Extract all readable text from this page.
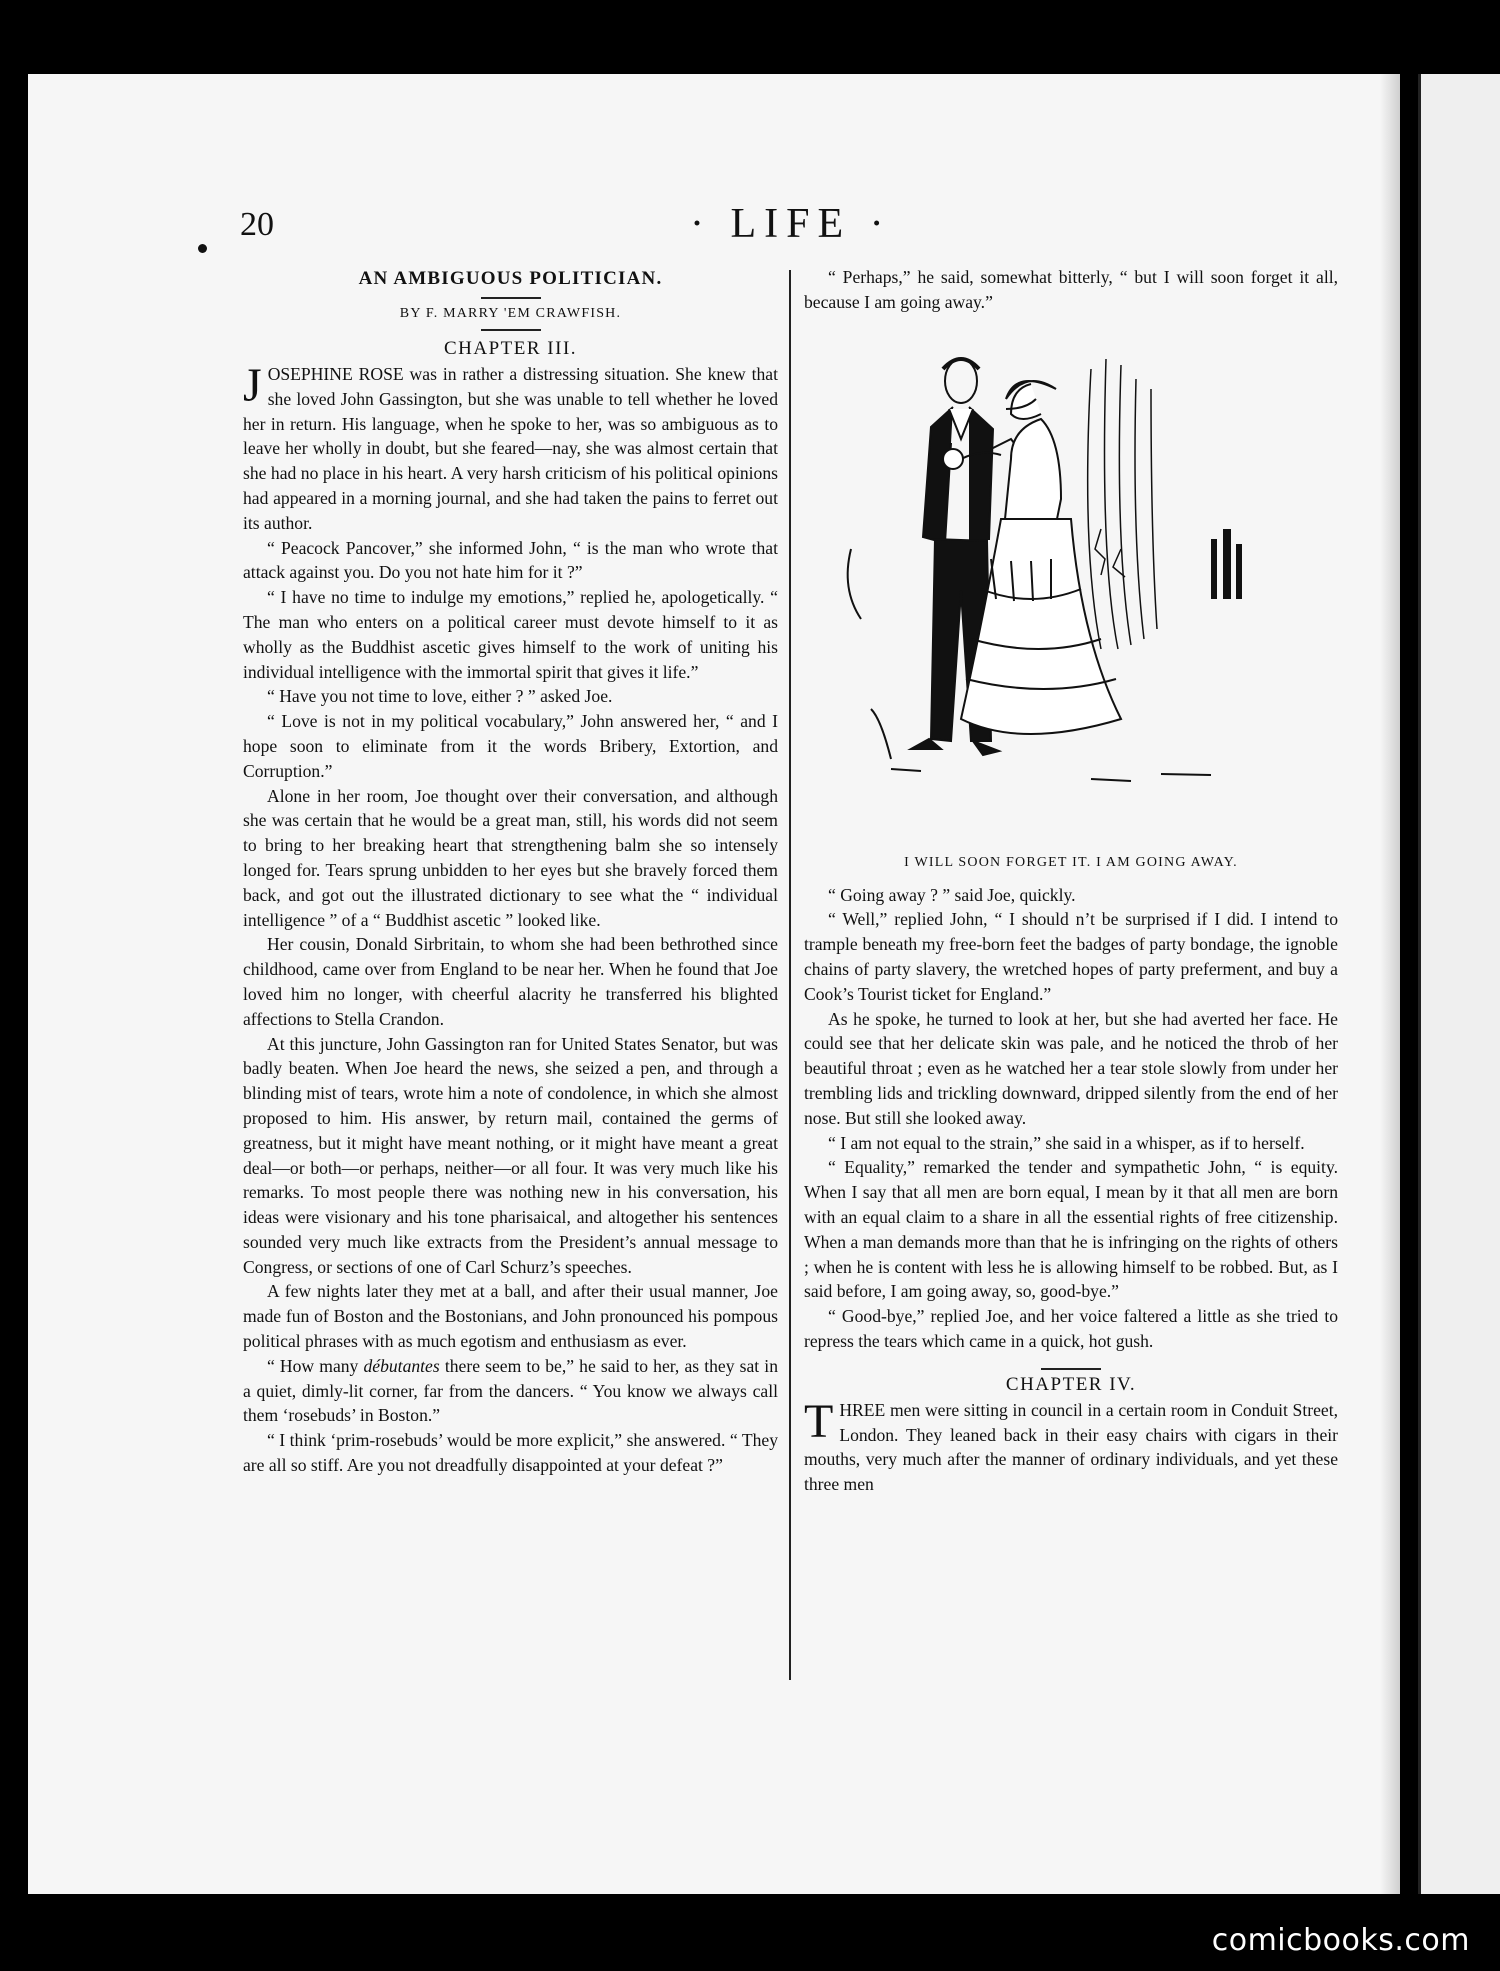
20	· LIFE ·
AN AMBIGUOUS POLITICIAN.
BY F. MARRY 'EM CRAWFISH.
CHAPTER III.

JOSEPHINE ROSE was in rather a distressing situation. She knew that she loved John Gassington, but she was unable to tell whether he loved her in return. His language, when he spoke to her, was so ambiguous as to leave her wholly in doubt, but she feared—nay, she was almost certain that she had no place in his heart. A very harsh criticism of his political opinions had appeared in a morning journal, and she had taken the pains to ferret out its author.

“ Peacock Pancover,” she informed John, “ is the man who wrote that attack against you. Do you not hate him for it ?”

“ I have no time to indulge my emotions,” replied he, apologetically. “ The man who enters on a political career must devote himself to it as wholly as the Buddhist ascetic gives himself to the work of uniting his individual intelligence with the immortal spirit that gives it life.”

“ Have you not time to love, either ? ” asked Joe.

“ Love is not in my political vocabulary,” John answered her, “ and I hope soon to eliminate from it the words Bribery, Extortion, and Corruption.”

Alone in her room, Joe thought over their conversation, and although she was certain that he would be a great man, still, his words did not seem to bring to her breaking heart that strengthening balm she so intensely longed for. Tears sprung unbidden to her eyes but she bravely forced them back, and got out the illustrated dictionary to see what the “ individual intelligence ” of a “ Buddhist ascetic ” looked like.

Her cousin, Donald Sirbritain, to whom she had been bethrothed since childhood, came over from England to be near her. When he found that Joe loved him no longer, with cheerful alacrity he transferred his blighted affections to Stella Crandon.

At this juncture, John Gassington ran for United States Senator, but was badly beaten. When Joe heard the news, she seized a pen, and through a blinding mist of tears, wrote him a note of condolence, in which she almost proposed to him. His answer, by return mail, contained the germs of greatness, but it might have meant nothing, or it might have meant a great deal—or both—or perhaps, neither—or all four. It was very much like his remarks. To most people there was nothing new in his conversation, his ideas were visionary and his tone pharisaical, and altogether his sentences sounded very much like extracts from the President’s annual message to Congress, or sections of one of Carl Schurz’s speeches.

A few nights later they met at a ball, and after their usual manner, Joe made fun of Boston and the Bostonians, and John pronounced his pompous political phrases with as much egotism and enthusiasm as ever.

“ How many débutantes there seem to be,” he said to her, as they sat in a quiet, dimly-lit corner, far from the dancers. “ You know we always call them ‘rosebuds’ in Boston.”

“ I think ‘prim-rosebuds’ would be more explicit,” she answered. “ They are all so stiff. Are you not dreadfully disappointed at your defeat ?”

“ Perhaps,” he said, somewhat bitterly, “ but I will soon forget it all, because I am going away.”

I WILL SOON FORGET IT. I AM GOING AWAY.

“ Going away ? ” said Joe, quickly.

“ Well,” replied John, “ I should n’t be surprised if I did. I intend to trample beneath my free-born feet the badges of party bondage, the ignoble chains of party slavery, the wretched hopes of party preferment, and buy a Cook’s Tourist ticket for England.”

As he spoke, he turned to look at her, but she had averted her face. He could see that her delicate skin was pale, and he noticed the throb of her beautiful throat ; even as he watched her a tear stole slowly from under her trembling lids and trickling downward, dripped silently from the end of her nose. But still she looked away.

“ I am not equal to the strain,” she said in a whisper, as if to herself.

“ Equality,” remarked the tender and sympathetic John, “ is equity. When I say that all men are born equal, I mean by it that all men are born with an equal claim to a share in all the essential rights of free citizenship. When a man demands more than that he is infringing on the rights of others ; when he is content with less he is allowing himself to be robbed. But, as I said before, I am going away, so, good-bye.”

“ Good-bye,” replied Joe, and her voice faltered a little as she tried to repress the tears which came in a quick, hot gush.

CHAPTER IV.

THREE men were sitting in council in a certain room in Conduit Street, London. They leaned back in their easy chairs with cigars in their mouths, very much after the manner of ordinary individuals, and yet these three men

comicbooks.com
